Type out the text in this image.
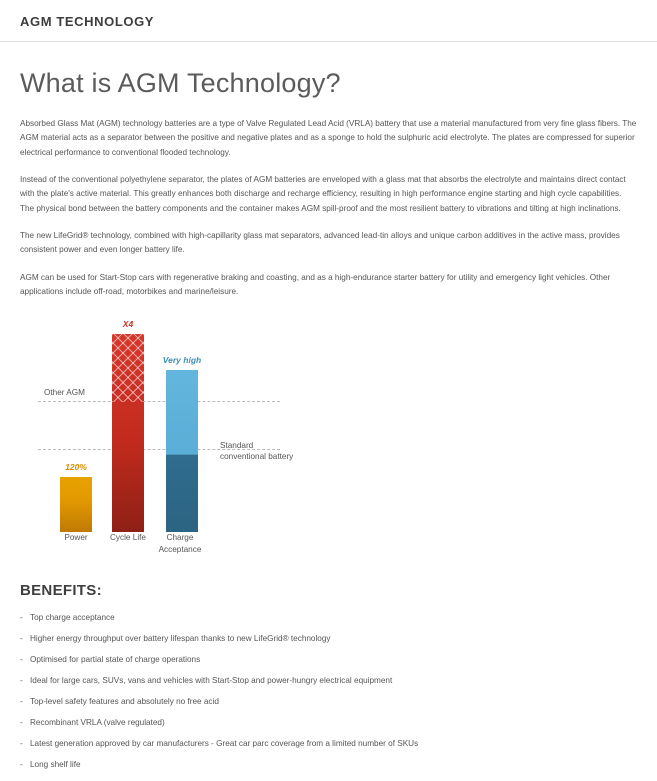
AGM TECHNOLOGY
What is AGM Technology?

Absorbed Glass Mat (AGM) technology batteries are a type of Valve Regulated Lead Acid (VRLA) battery that use a material manufactured from very fine glass fibers. The AGM material acts as a separator between the positive and negative plates and as a sponge to hold the sulphuric acid electrolyte. The plates are compressed for superior electrical performance to conventional flooded technology.

Instead of the conventional polyethylene separator, the plates of AGM batteries are enveloped with a glass mat that absorbs the electrolyte and maintains direct contact with the plate's active material. This greatly enhances both discharge and recharge efficiency, resulting in high performance engine starting and high cycle capabilities. The physical bond between the battery components and the container makes AGM spill-proof and the most resilient battery to vibrations and tilting at high inclinations.

The new LifeGrid® technology, combined with high-capillarity glass mat separators, advanced lead-tin alloys and unique carbon additives in the active mass, provides consistent power and even longer battery life.

AGM can be used for Start-Stop cars with regenerative braking and coasting, and as a high-endurance starter battery for utility and emergency light vehicles. Other applications include off-road, motorbikes and marine/leisure.

Other AGM
Standard conventional battery
120%
X4
Very high
Power	Cycle Life	Charge Acceptance
BENEFITS:
- Top charge acceptance
- Higher energy throughput over battery lifespan thanks to new LifeGrid® technology
- Optimised for partial state of charge operations
- Ideal for large cars, SUVs, vans and vehicles with Start-Stop and power-hungry electrical equipment
- Top-level safety features and absolutely no free acid
- Recombinant VRLA (valve regulated)
- Latest generation approved by car manufacturers - Great car parc coverage from a limited number of SKUs
- Long shelf life
